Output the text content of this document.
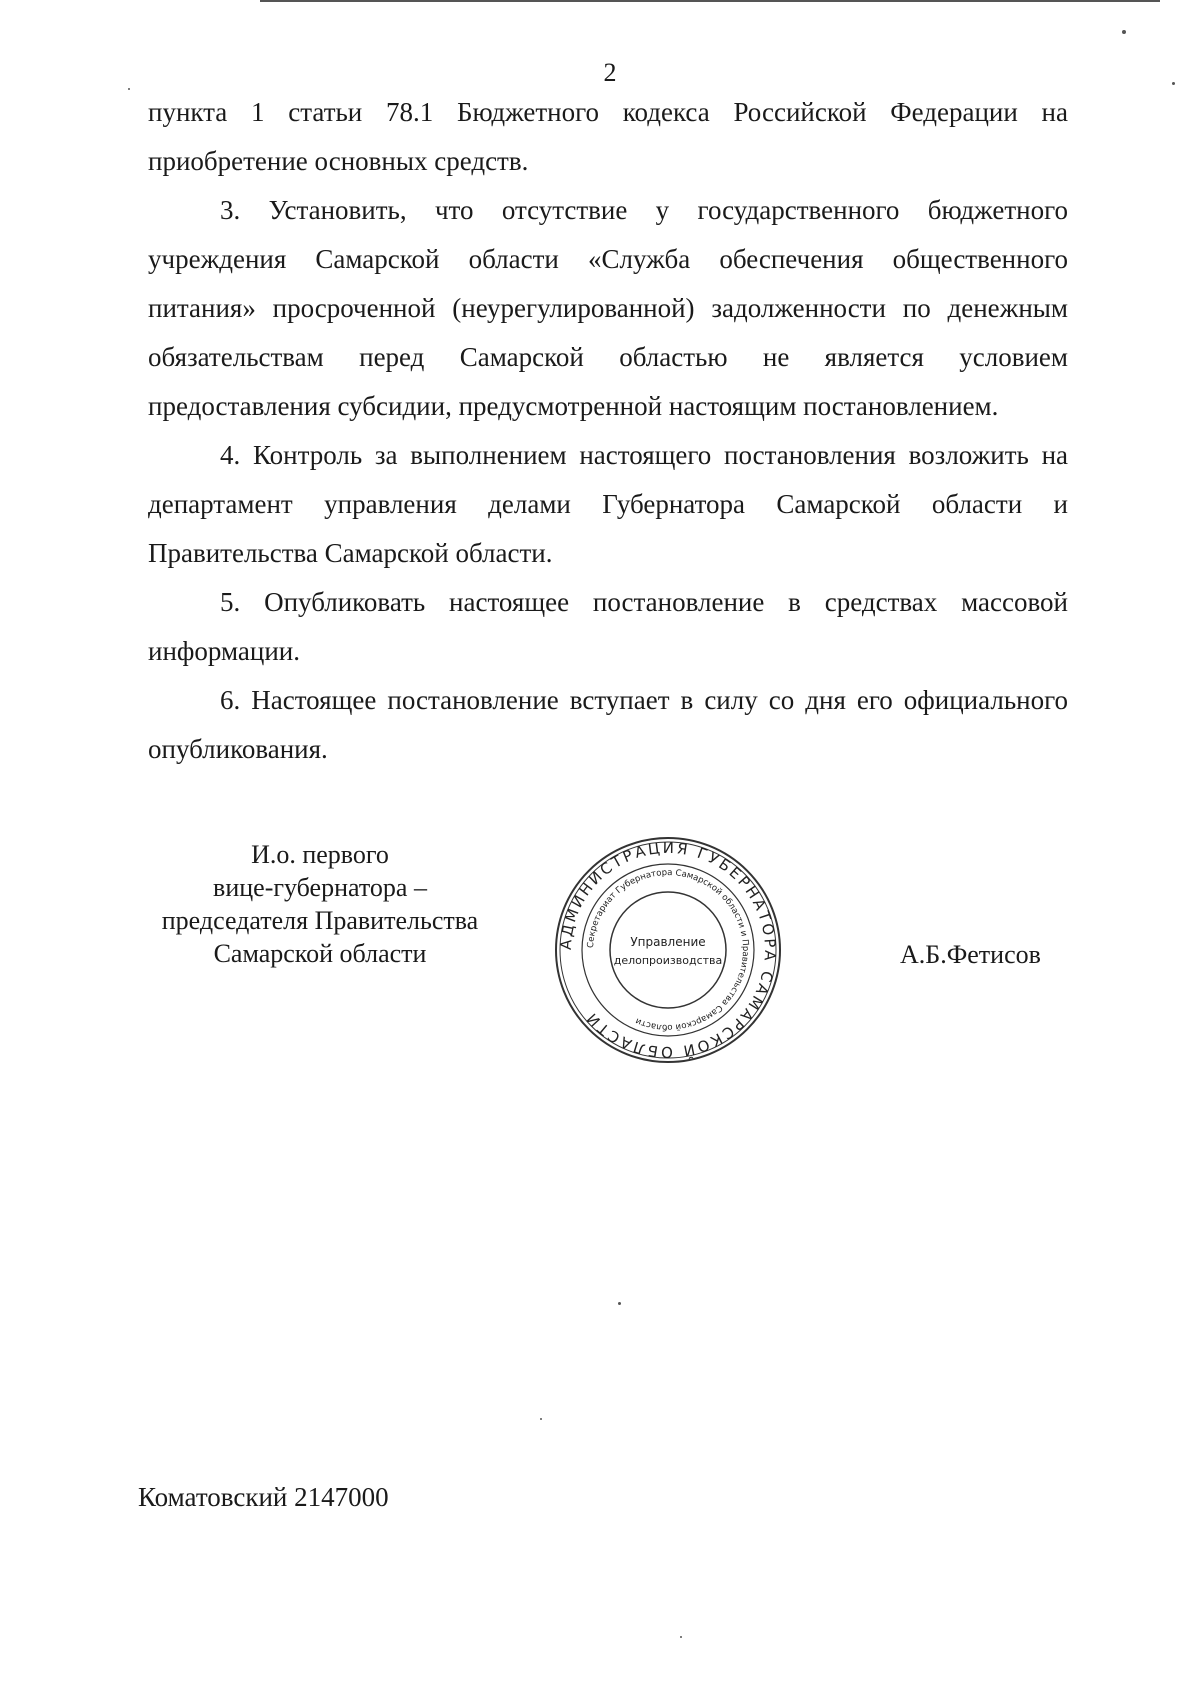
2

пункта 1 статьи 78.1 Бюджетного кодекса Российской Федерации на приобретение основных средств.

3. Установить, что отсутствие у государственного бюджетного учреждения Самарской области «Служба обеспечения общественного питания» просроченной (неурегулированной) задолженности по денежным обязательствам перед Самарской областью не является условием предоставления субсидии, предусмотренной настоящим постановлением.

4. Контроль за выполнением настоящего постановления возложить на департамент управления делами Губернатора Самарской области и Правительства Самарской области.

5. Опубликовать настоящее постановление в средствах массовой информации.

6. Настоящее постановление вступает в силу со дня его официального опубликования.

И.о. первого
вице-губернатора –
председателя Правительства
Самарской области	АДМИНИСТРАЦИЯ ГУБЕРНАТОРА САМАРСКОЙ ОБЛАСТИ
Секретариат Губернатора Самарской области и Правительства Самарской области
Управление
делопроизводства	А.Б.Фетисов
Коматовский 2147000
